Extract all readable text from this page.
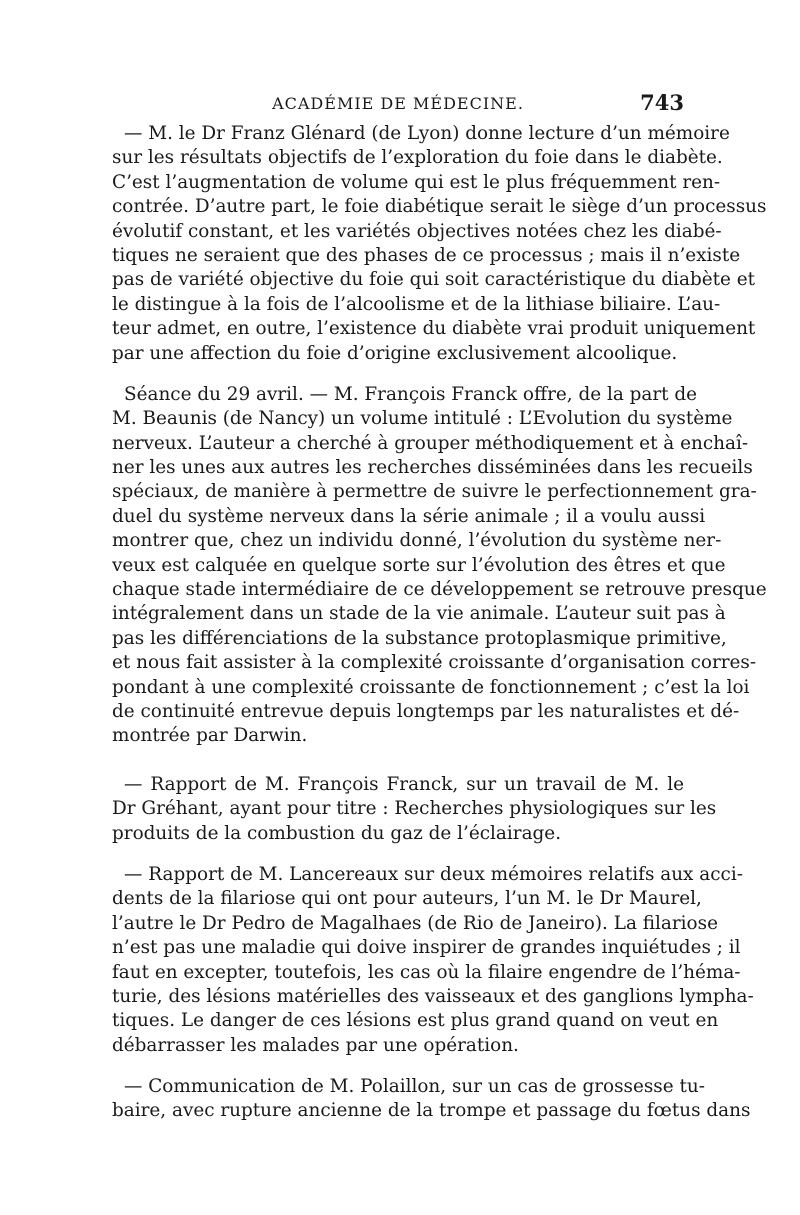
ACADÉMIE DE MÉDECINE.	743
— M. le Dr Franz Glénard (de Lyon) donne lecture d’un mémoire
sur les résultats objectifs de l’exploration du foie dans le diabète.
C’est l’augmentation de volume qui est le plus fréquemment ren-
contrée. D’autre part, le foie diabétique serait le siège d’un processus
évolutif constant, et les variétés objectives notées chez les diabé-
tiques ne seraient que des phases de ce processus ; mais il n’existe
pas de variété objective du foie qui soit caractéristique du diabète et
le distingue à la fois de l’alcoolisme et de la lithiase biliaire. L’au-
teur admet, en outre, l’existence du diabète vrai produit uniquement
par une affection du foie d’origine exclusivement alcoolique.
Séance du 29 avril. — M. François Franck offre, de la part de
M. Beaunis (de Nancy) un volume intitulé : L’Evolution du système
nerveux. L’auteur a cherché à grouper méthodiquement et à enchaî-
ner les unes aux autres les recherches disséminées dans les recueils
spéciaux, de manière à permettre de suivre le perfectionnement gra-
duel du système nerveux dans la série animale ; il a voulu aussi
montrer que, chez un individu donné, l’évolution du système ner-
veux est calquée en quelque sorte sur l’évolution des êtres et que
chaque stade intermédiaire de ce développement se retrouve presque
intégralement dans un stade de la vie animale. L’auteur suit pas à
pas les différenciations de la substance protoplasmique primitive,
et nous fait assister à la complexité croissante d’organisation corres-
pondant à une complexité croissante de fonctionnement ; c’est la loi
de continuité entrevue depuis longtemps par les naturalistes et dé-
montrée par Darwin.
— Rapport de M. François Franck, sur un travail de M. le
Dr Gréhant, ayant pour titre : Recherches physiologiques sur les
produits de la combustion du gaz de l’éclairage.
— Rapport de M. Lancereaux sur deux mémoires relatifs aux acci-
dents de la filariose qui ont pour auteurs, l’un M. le Dr Maurel,
l’autre le Dr Pedro de Magalhaes (de Rio de Janeiro). La filariose
n’est pas une maladie qui doive inspirer de grandes inquiétudes ; il
faut en excepter, toutefois, les cas où la filaire engendre de l’héma-
turie, des lésions matérielles des vaisseaux et des ganglions lympha-
tiques. Le danger de ces lésions est plus grand quand on veut en
débarrasser les malades par une opération.
— Communication de M. Polaillon, sur un cas de grossesse tu-
baire, avec rupture ancienne de la trompe et passage du fœtus dans
